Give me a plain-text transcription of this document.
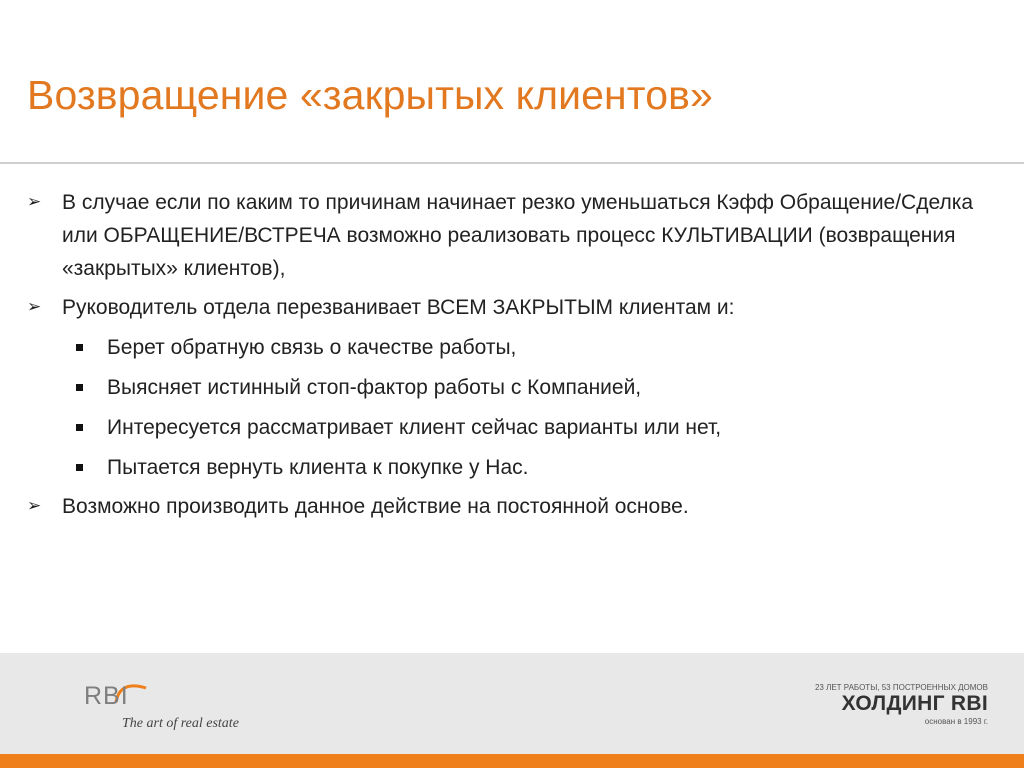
Возвращение «закрытых клиентов»
➢ В случае если по каким то причинам начинает резко уменьшаться Кэфф Обращение/Сделка или ОБРАЩЕНИЕ/ВСТРЕЧА возможно реализовать процесс КУЛЬТИВАЦИИ (возвращения «закрытых» клиентов),
➢ Руководитель отдела перезванивает ВСЕМ ЗАКРЫТЫМ клиентам и:
Берет обратную связь о качестве работы,
Выясняет истинный стоп-фактор работы с Компанией,
Интересуется рассматривает клиент сейчас варианты или нет,
Пытается вернуть клиента к покупке у Нас.
➢ Возможно производить данное действие на постоянной основе.
RBI
The art of real estate
23 ЛЕТ РАБОТЫ, 53 ПОСТРОЕННЫХ ДОМОВ
ХОЛДИНГ RBI
основан в 1993 г.
